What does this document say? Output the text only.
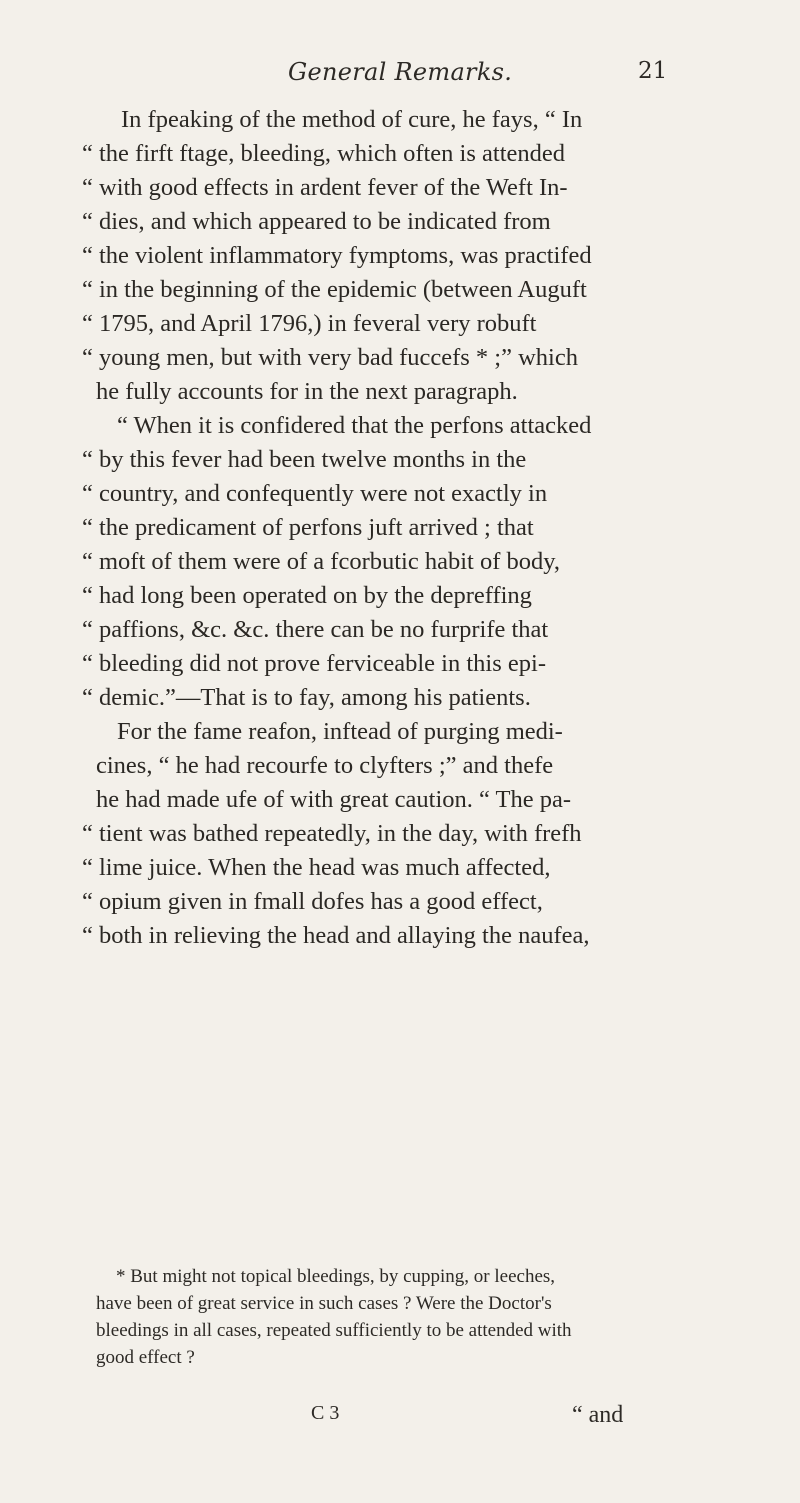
General Remarks.	21
In fpeaking of the method of cure, he fays, “ In
“ the firft ftage, bleeding, which often is attended
“ with good effects in ardent fever of the Weft In-
“ dies, and which appeared to be indicated from
“ the violent inflammatory fymptoms, was practifed
“ in the beginning of the epidemic (between Auguft
“ 1795, and April 1796,) in feveral very robuft
“ young men, but with very bad fuccefs * ;” which
he fully accounts for in the next paragraph.
“ When it is confidered that the perfons attacked
“ by this fever had been twelve months in the
“ country, and confequently were not exactly in
“ the predicament of perfons juft arrived ; that
“ moft of them were of a fcorbutic habit of body,
“ had long been operated on by the depreffing
“ paffions, &c. &c. there can be no furprife that
“ bleeding did not prove ferviceable in this epi-
“ demic.”—That is to fay, among his patients.
For the fame reafon, inftead of purging medi-
cines, “ he had recourfe to clyfters ;” and thefe
he had made ufe of with great caution. “ The pa-
“ tient was bathed repeatedly, in the day, with frefh
“ lime juice. When the head was much affected,
“ opium given in fmall dofes has a good effect,
“ both in relieving the head and allaying the naufea,
* But might not topical bleedings, by cupping, or leeches,
have been of great service in such cases ? Were the Doctor's
bleedings in all cases, repeated sufficiently to be attended with
good effect ?
C 3	“ and
